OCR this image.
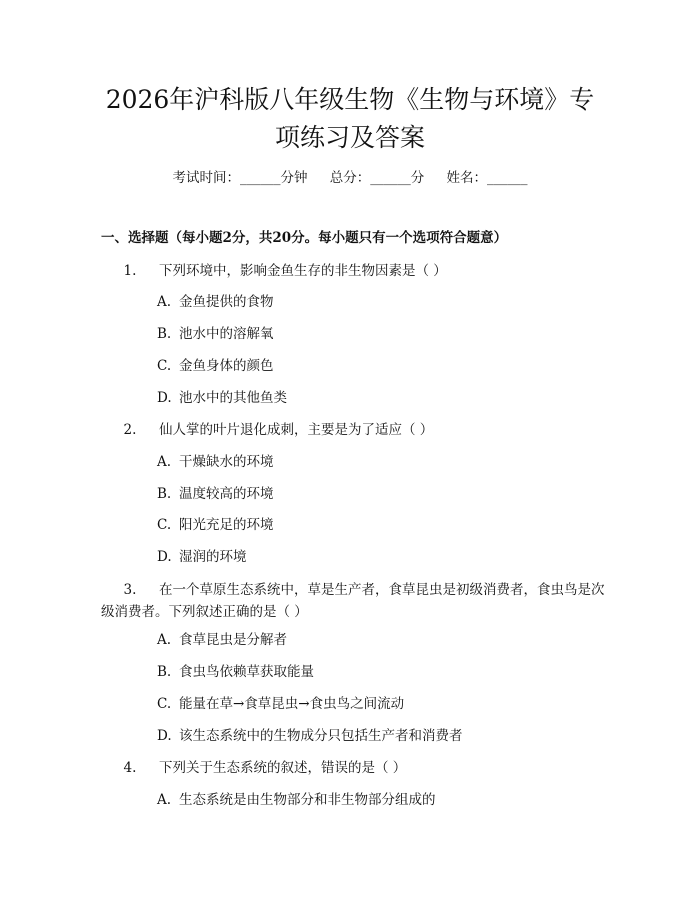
2026年沪科版八年级生物《生物与环境》专
项练习及答案
考试时间：______分钟 总分：______分 姓名：______
一、选择题（每小题2分，共20分。每小题只有一个选项符合题意）
1. 下列环境中，影响金鱼生存的非生物因素是（ ）
A. 金鱼提供的食物
B. 池水中的溶解氧
C. 金鱼身体的颜色
D. 池水中的其他鱼类
2. 仙人掌的叶片退化成刺，主要是为了适应（ ）
A. 干燥缺水的环境
B. 温度较高的环境
C. 阳光充足的环境
D. 湿润的环境
3. 在一个草原生态系统中，草是生产者，食草昆虫是初级消费者，食虫鸟是次级消费者。下列叙述正确的是（ ）
A. 食草昆虫是分解者
B. 食虫鸟依赖草获取能量
C. 能量在草→食草昆虫→食虫鸟之间流动
D. 该生态系统中的生物成分只包括生产者和消费者
4. 下列关于生态系统的叙述，错误的是（ ）
A. 生态系统是由生物部分和非生物部分组成的
